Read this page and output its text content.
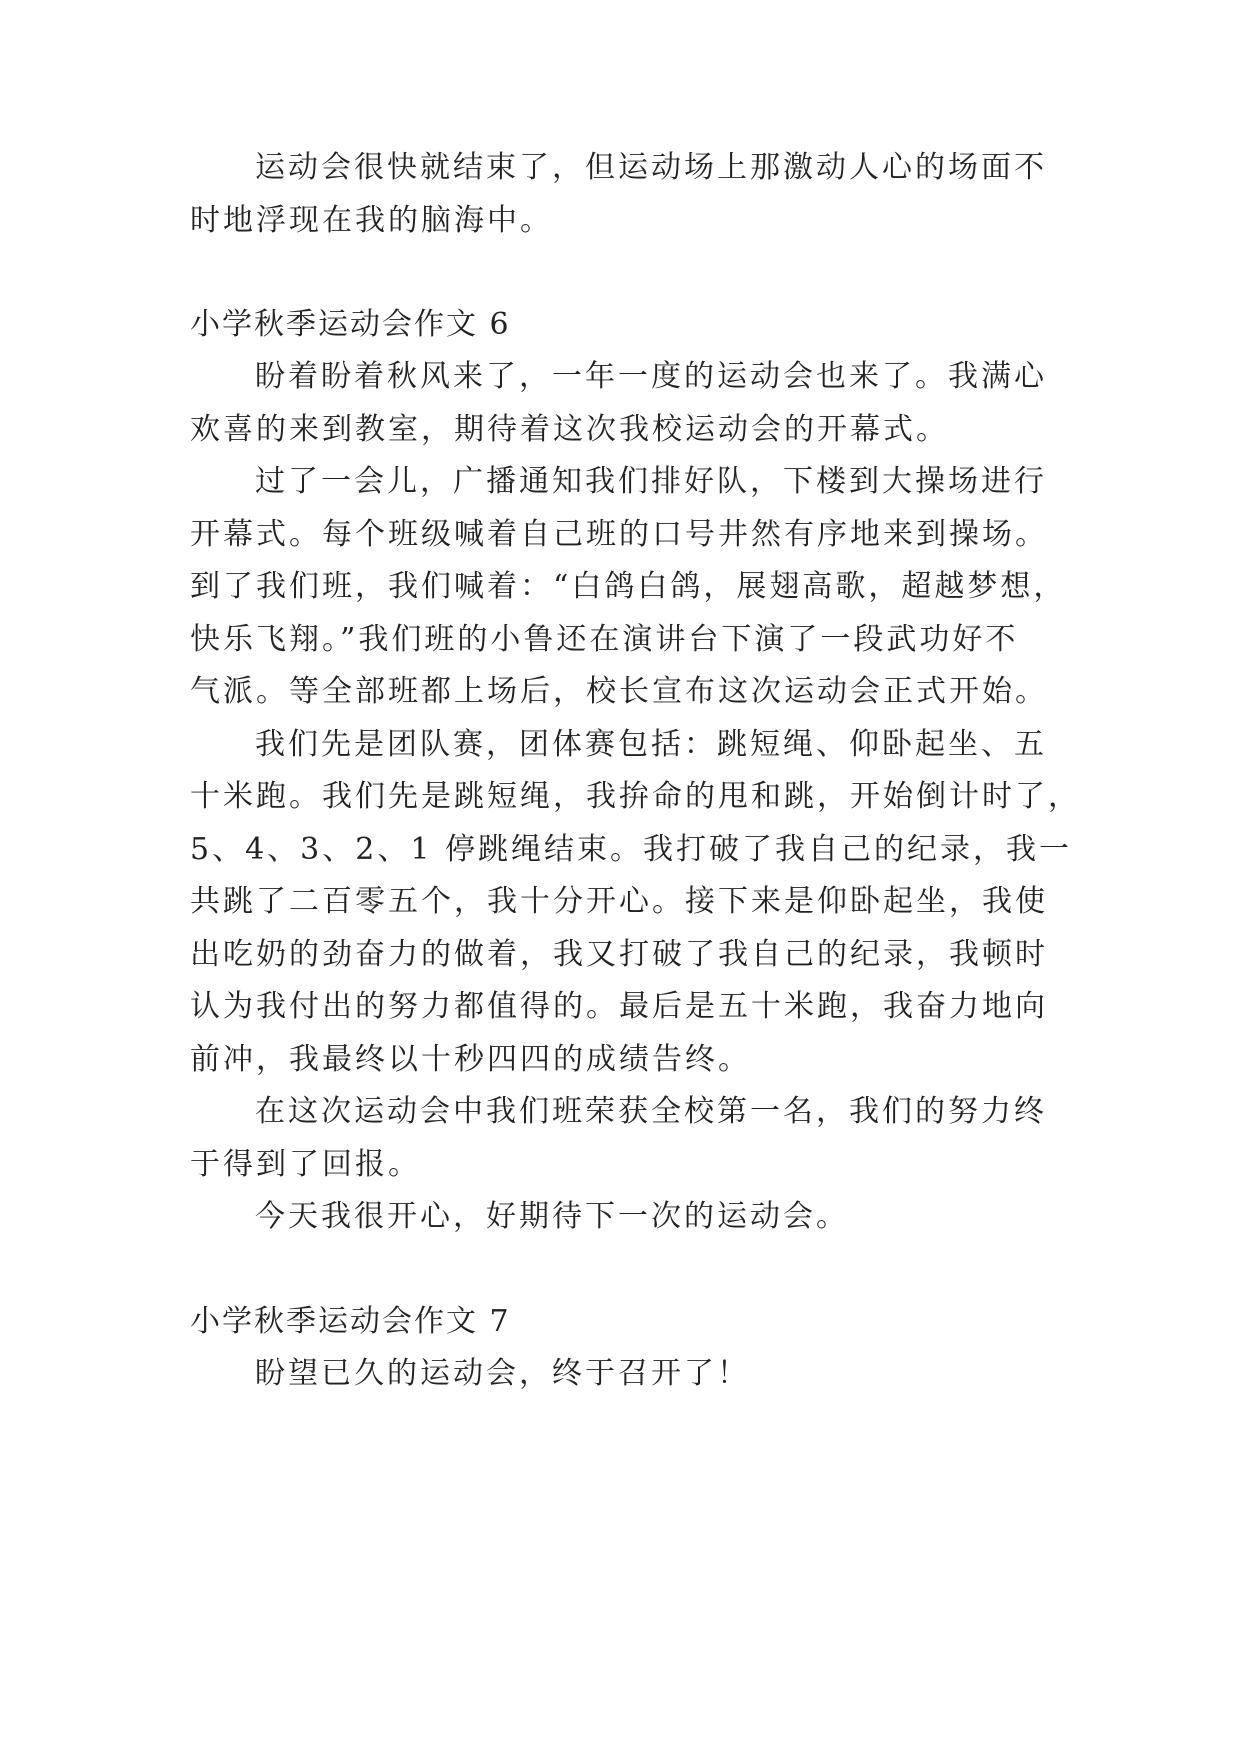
运动会很快就结束了，但运动场上那激动人心的场面不
时地浮现在我的脑海中。
小学秋季运动会作文 6
盼着盼着秋风来了，一年一度的运动会也来了。我满心
欢喜的来到教室，期待着这次我校运动会的开幕式。
过了一会儿，广播通知我们排好队，下楼到大操场进行
开幕式。每个班级喊着自己班的口号井然有序地来到操场。
到了我们班，我们喊着：“白鸽白鸽，展翅高歌，超越梦想，
快乐飞翔。”我们班的小鲁还在演讲台下演了一段武功好不
气派。等全部班都上场后，校长宣布这次运动会正式开始。
我们先是团队赛，团体赛包括：跳短绳、仰卧起坐、五
十米跑。我们先是跳短绳，我拚命的甩和跳，开始倒计时了，
5、4、3、2、1 停跳绳结束。我打破了我自己的纪录，我一
共跳了二百零五个，我十分开心。接下来是仰卧起坐，我使
出吃奶的劲奋力的做着，我又打破了我自己的纪录，我顿时
认为我付出的努力都值得的。最后是五十米跑，我奋力地向
前冲，我最终以十秒四四的成绩告终。
在这次运动会中我们班荣获全校第一名，我们的努力终
于得到了回报。
今天我很开心，好期待下一次的运动会。
小学秋季运动会作文 7
盼望已久的运动会，终于召开了！
